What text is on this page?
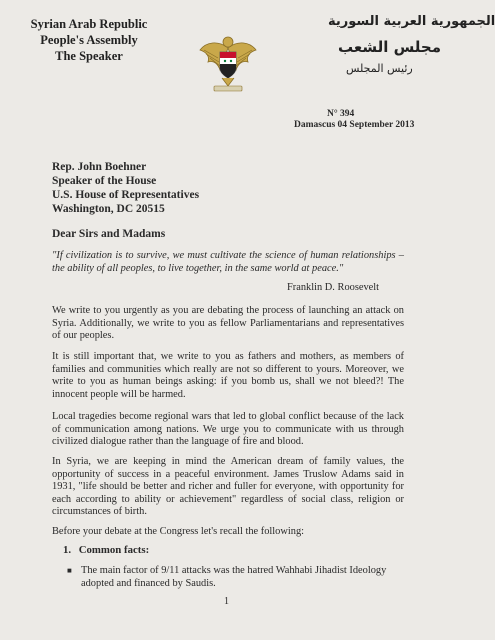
Syrian Arab Republic
People's Assembly
The Speaker
الجمهورية العربية السورية
مجلس الشعب
رئيس المجلس
N° 394
Damascus 04 September 2013
Rep. John Boehner
Speaker of the House
U.S. House of Representatives
Washington, DC 20515
Dear Sirs and Madams
"If civilization is to survive, we must cultivate the science of human relationships – the ability of all peoples, to live together, in the same world at peace."
Franklin D. Roosevelt
We write to you urgently as you are debating the process of launching an attack on Syria. Additionally, we write to you as fellow Parliamentarians and representatives of our peoples.
It is still important that, we write to you as fathers and mothers, as members of families and communities which really are not so different to yours. Moreover, we write to you as human beings asking: if you bomb us, shall we not bleed?! The innocent people will be harmed.
Local tragedies become regional wars that led to global conflict because of the lack of communication among nations. We urge you to communicate with us through civilized dialogue rather than the language of fire and blood.
In Syria, we are keeping in mind the American dream of family values, the opportunity of success in a peaceful environment. James Truslow Adams said in 1931, "life should be better and richer and fuller for everyone, with opportunity for each according to ability or achievement" regardless of social class, religion or circumstances of birth.
Before your debate at the Congress let's recall the following:
1. Common facts:
■ The main factor of 9/11 attacks was the hatred Wahhabi Jihadist Ideology adopted and financed by Saudis.
1
